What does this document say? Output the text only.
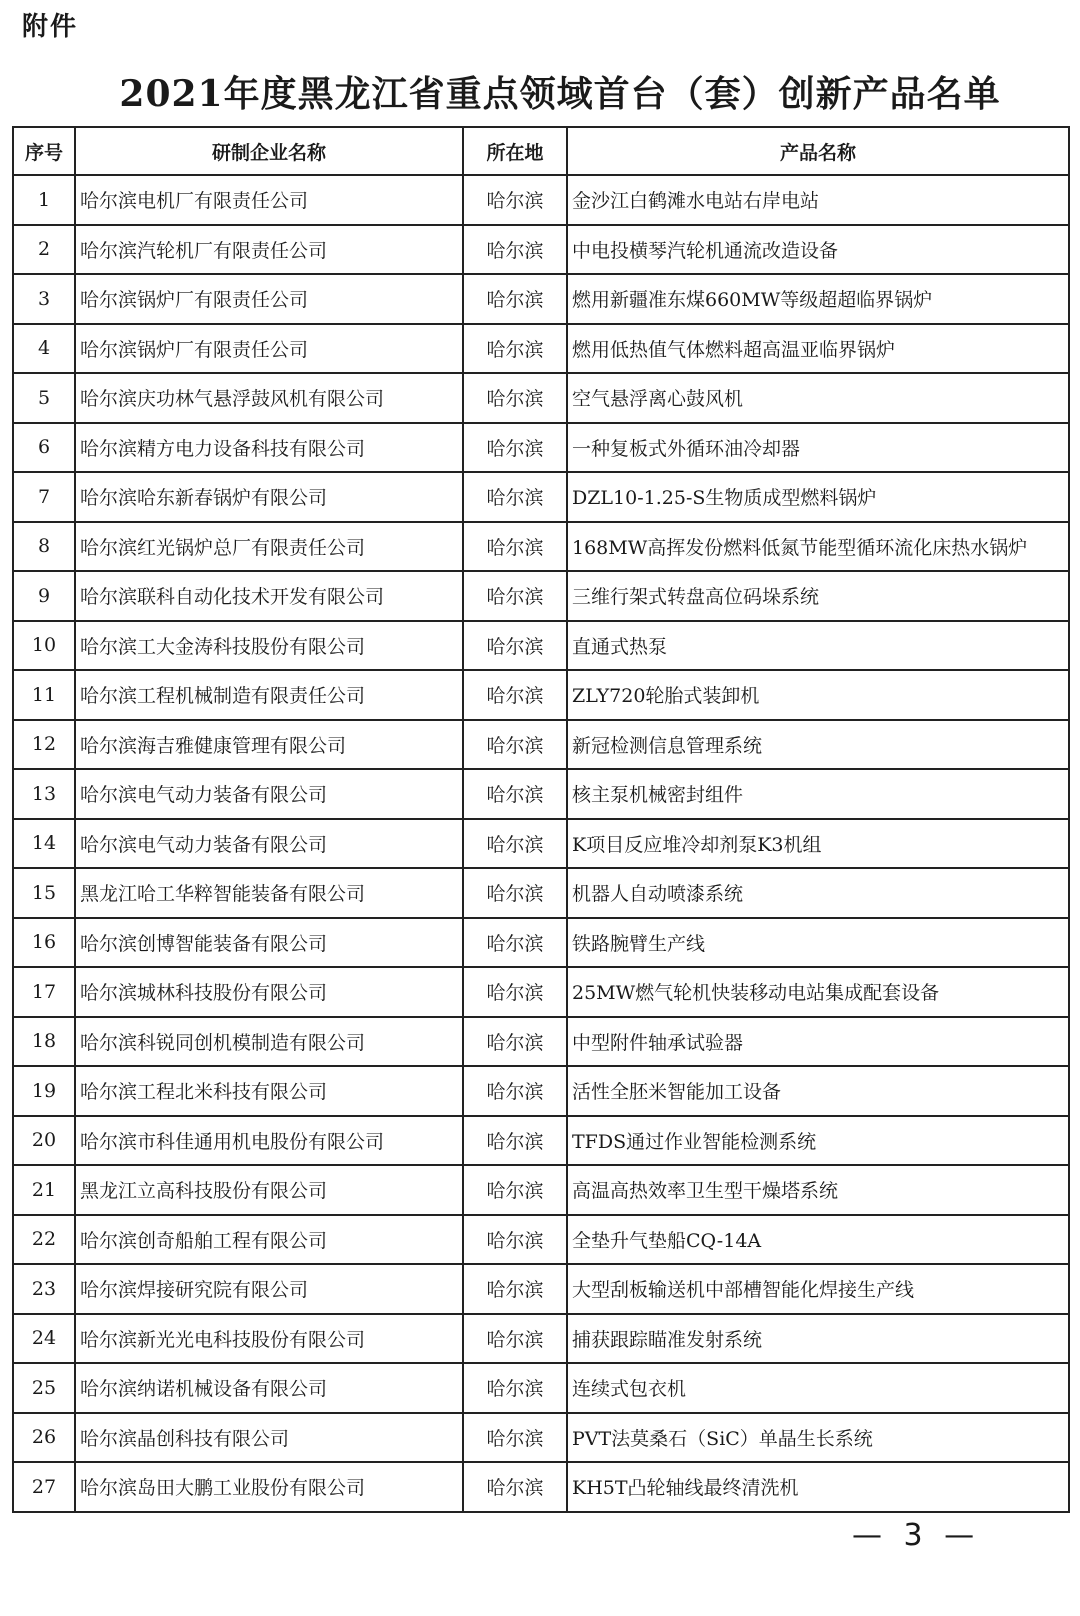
附件
2021年度黑龙江省重点领域首台（套）创新产品名单
序号	研制企业名称	所在地	产品名称
1	哈尔滨电机厂有限责任公司	哈尔滨	金沙江白鹤滩水电站右岸电站
2	哈尔滨汽轮机厂有限责任公司	哈尔滨	中电投横琴汽轮机通流改造设备
3	哈尔滨锅炉厂有限责任公司	哈尔滨	燃用新疆准东煤660MW等级超超临界锅炉
4	哈尔滨锅炉厂有限责任公司	哈尔滨	燃用低热值气体燃料超高温亚临界锅炉
5	哈尔滨庆功林气悬浮鼓风机有限公司	哈尔滨	空气悬浮离心鼓风机
6	哈尔滨精方电力设备科技有限公司	哈尔滨	一种复板式外循环油冷却器
7	哈尔滨哈东新春锅炉有限公司	哈尔滨	DZL10-1.25-S生物质成型燃料锅炉
8	哈尔滨红光锅炉总厂有限责任公司	哈尔滨	168MW高挥发份燃料低氮节能型循环流化床热水锅炉
9	哈尔滨联科自动化技术开发有限公司	哈尔滨	三维行架式转盘高位码垛系统
10	哈尔滨工大金涛科技股份有限公司	哈尔滨	直通式热泵
11	哈尔滨工程机械制造有限责任公司	哈尔滨	ZLY720轮胎式装卸机
12	哈尔滨海吉雅健康管理有限公司	哈尔滨	新冠检测信息管理系统
13	哈尔滨电气动力装备有限公司	哈尔滨	核主泵机械密封组件
14	哈尔滨电气动力装备有限公司	哈尔滨	K项目反应堆冷却剂泵K3机组
15	黑龙江哈工华粹智能装备有限公司	哈尔滨	机器人自动喷漆系统
16	哈尔滨创博智能装备有限公司	哈尔滨	铁路腕臂生产线
17	哈尔滨城林科技股份有限公司	哈尔滨	25MW燃气轮机快装移动电站集成配套设备
18	哈尔滨科锐同创机模制造有限公司	哈尔滨	中型附件轴承试验器
19	哈尔滨工程北米科技有限公司	哈尔滨	活性全胚米智能加工设备
20	哈尔滨市科佳通用机电股份有限公司	哈尔滨	TFDS通过作业智能检测系统
21	黑龙江立高科技股份有限公司	哈尔滨	高温高热效率卫生型干燥塔系统
22	哈尔滨创奇船舶工程有限公司	哈尔滨	全垫升气垫船CQ-14A
23	哈尔滨焊接研究院有限公司	哈尔滨	大型刮板输送机中部槽智能化焊接生产线
24	哈尔滨新光光电科技股份有限公司	哈尔滨	捕获跟踪瞄准发射系统
25	哈尔滨纳诺机械设备有限公司	哈尔滨	连续式包衣机
26	哈尔滨晶创科技有限公司	哈尔滨	PVT法莫桑石（SiC）单晶生长系统
27	哈尔滨岛田大鹏工业股份有限公司	哈尔滨	KH5T凸轮轴线最终清洗机
— 3 —
